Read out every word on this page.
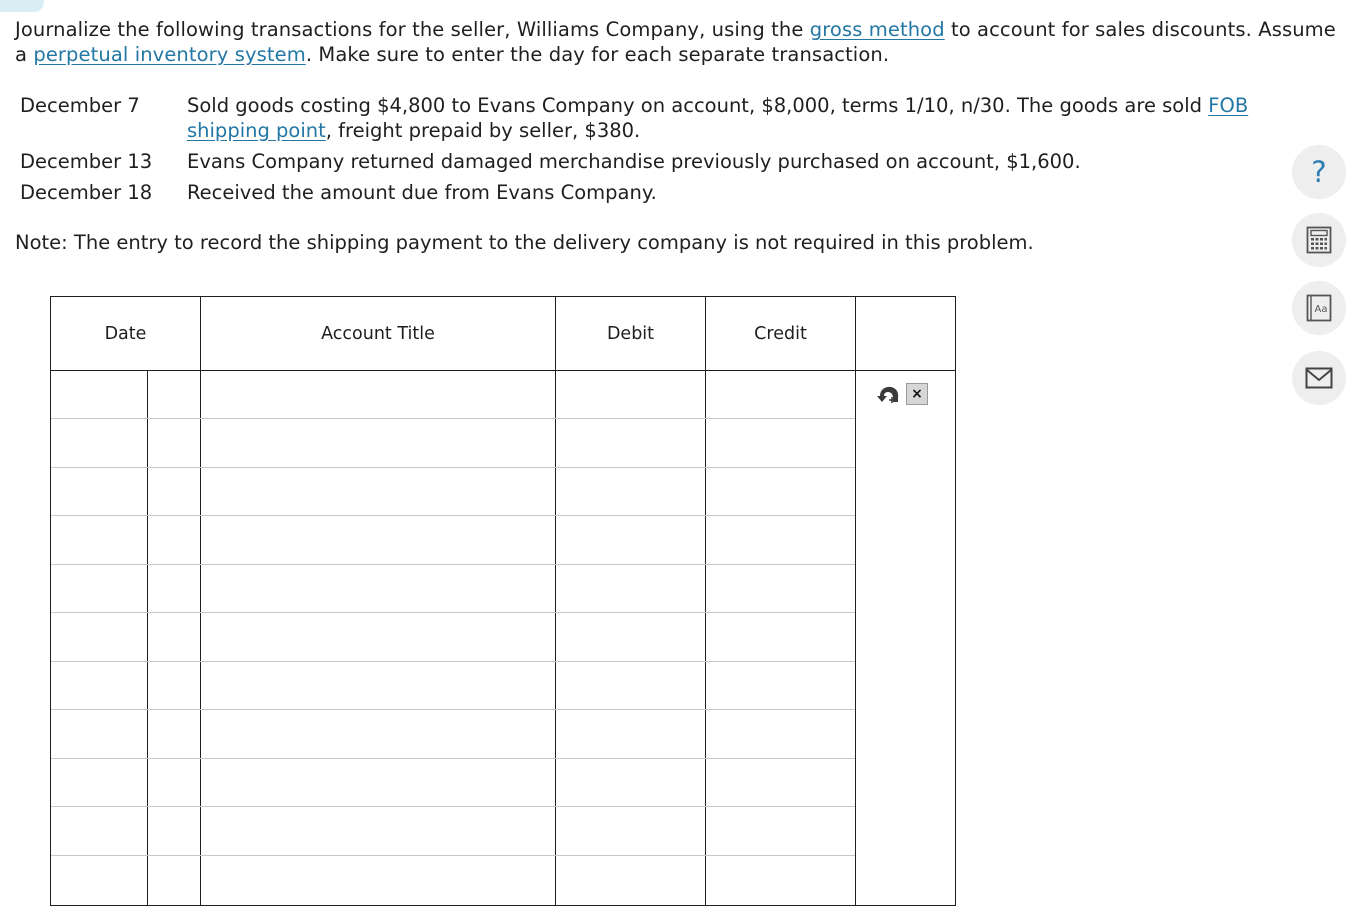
Journalize the following transactions for the seller, Williams Company, using the gross method to account for sales discounts. Assume a perpetual inventory system. Make sure to enter the day for each separate transaction.
December 7 Sold goods costing $4,800 to Evans Company on account, $8,000, terms 1/10, n/30. The goods are sold FOB shipping point, freight prepaid by seller, $380.
December 13 Evans Company returned damaged merchandise previously purchased on account, $1,600.
December 18 Received the amount due from Evans Company.
Note: The entry to record the shipping payment to the delivery company is not required in this problem.
?
Aa
Date	Account Title	Debit	Credit
×
